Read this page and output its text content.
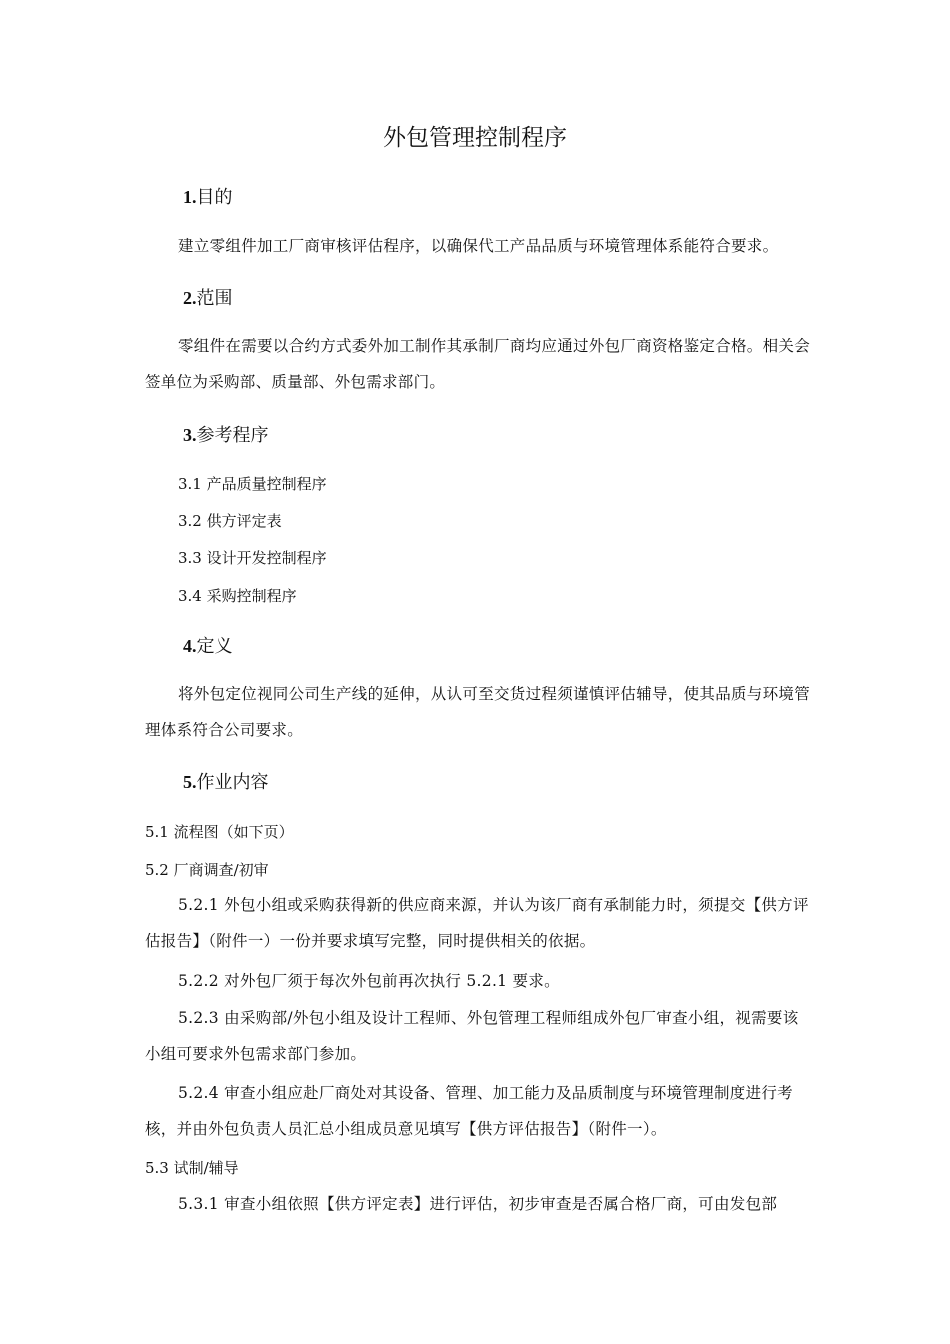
外包管理控制程序
1.目的
建立零组件加工厂商审核评估程序，以确保代工产品品质与环境管理体系能符合要求。
2.范围
零组件在需要以合约方式委外加工制作其承制厂商均应通过外包厂商资格鉴定合格。相关会签单位为采购部、质量部、外包需求部门。
3.参考程序
3.1 产品质量控制程序
3.2 供方评定表
3.3 设计开发控制程序
3.4 采购控制程序
4.定义
将外包定位视同公司生产线的延伸，从认可至交货过程须谨慎评估辅导，使其品质与环境管理体系符合公司要求。
5.作业内容
5.1 流程图（如下页）
5.2 厂商调查/初审
5.2.1 外包小组或采购获得新的供应商来源，并认为该厂商有承制能力时，须提交【供方评估报告】（附件一）一份并要求填写完整，同时提供相关的依据。
5.2.2 对外包厂须于每次外包前再次执行 5.2.1 要求。
5.2.3 由采购部/外包小组及设计工程师、外包管理工程师组成外包厂审查小组，视需要该小组可要求外包需求部门参加。
5.2.4 审查小组应赴厂商处对其设备、管理、加工能力及品质制度与环境管理制度进行考核，并由外包负责人员汇总小组成员意见填写【供方评估报告】（附件一）。
5.3 试制/辅导
5.3.1 审查小组依照【供方评定表】进行评估，初步审查是否属合格厂商，可由发包部
